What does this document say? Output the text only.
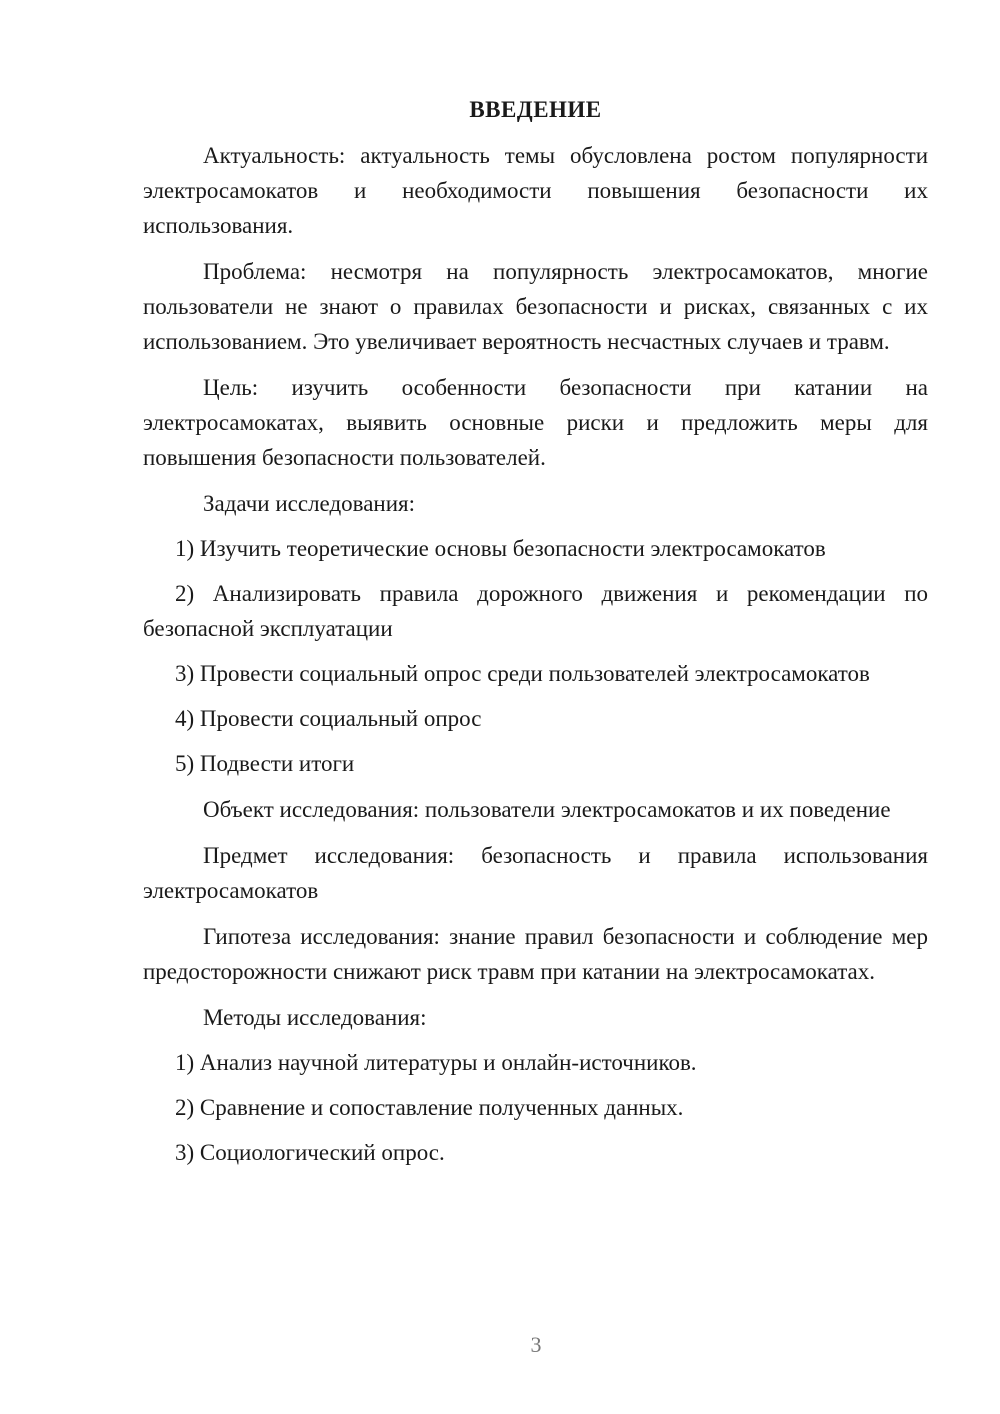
ВВЕДЕНИЕ

Актуальность: актуальность темы обусловлена ростом популярности электросамокатов и необходимости повышения безопасности их использования.

Проблема: несмотря на популярность электросамокатов, многие пользователи не знают о правилах безопасности и рисках, связанных с их использованием. Это увеличивает вероятность несчастных случаев и травм.

Цель: изучить особенности безопасности при катании на электросамокатах, выявить основные риски и предложить меры для повышения безопасности пользователей.

Задачи исследования:

1) Изучить теоретические основы безопасности электросамокатов

2) Анализировать правила дорожного движения и рекомендации по безопасной эксплуатации

3) Провести социальный опрос среди пользователей электросамокатов

4) Провести социальный опрос

5) Подвести итоги

Объект исследования: пользователи электросамокатов и их поведение

Предмет исследования: безопасность и правила использования электросамокатов

Гипотеза исследования: знание правил безопасности и соблюдение мер предосторожности снижают риск травм при катании на электросамокатах.

Методы исследования:

1) Анализ научной литературы и онлайн-источников.

2) Сравнение и сопоставление полученных данных.

3) Социологический опрос.

3
